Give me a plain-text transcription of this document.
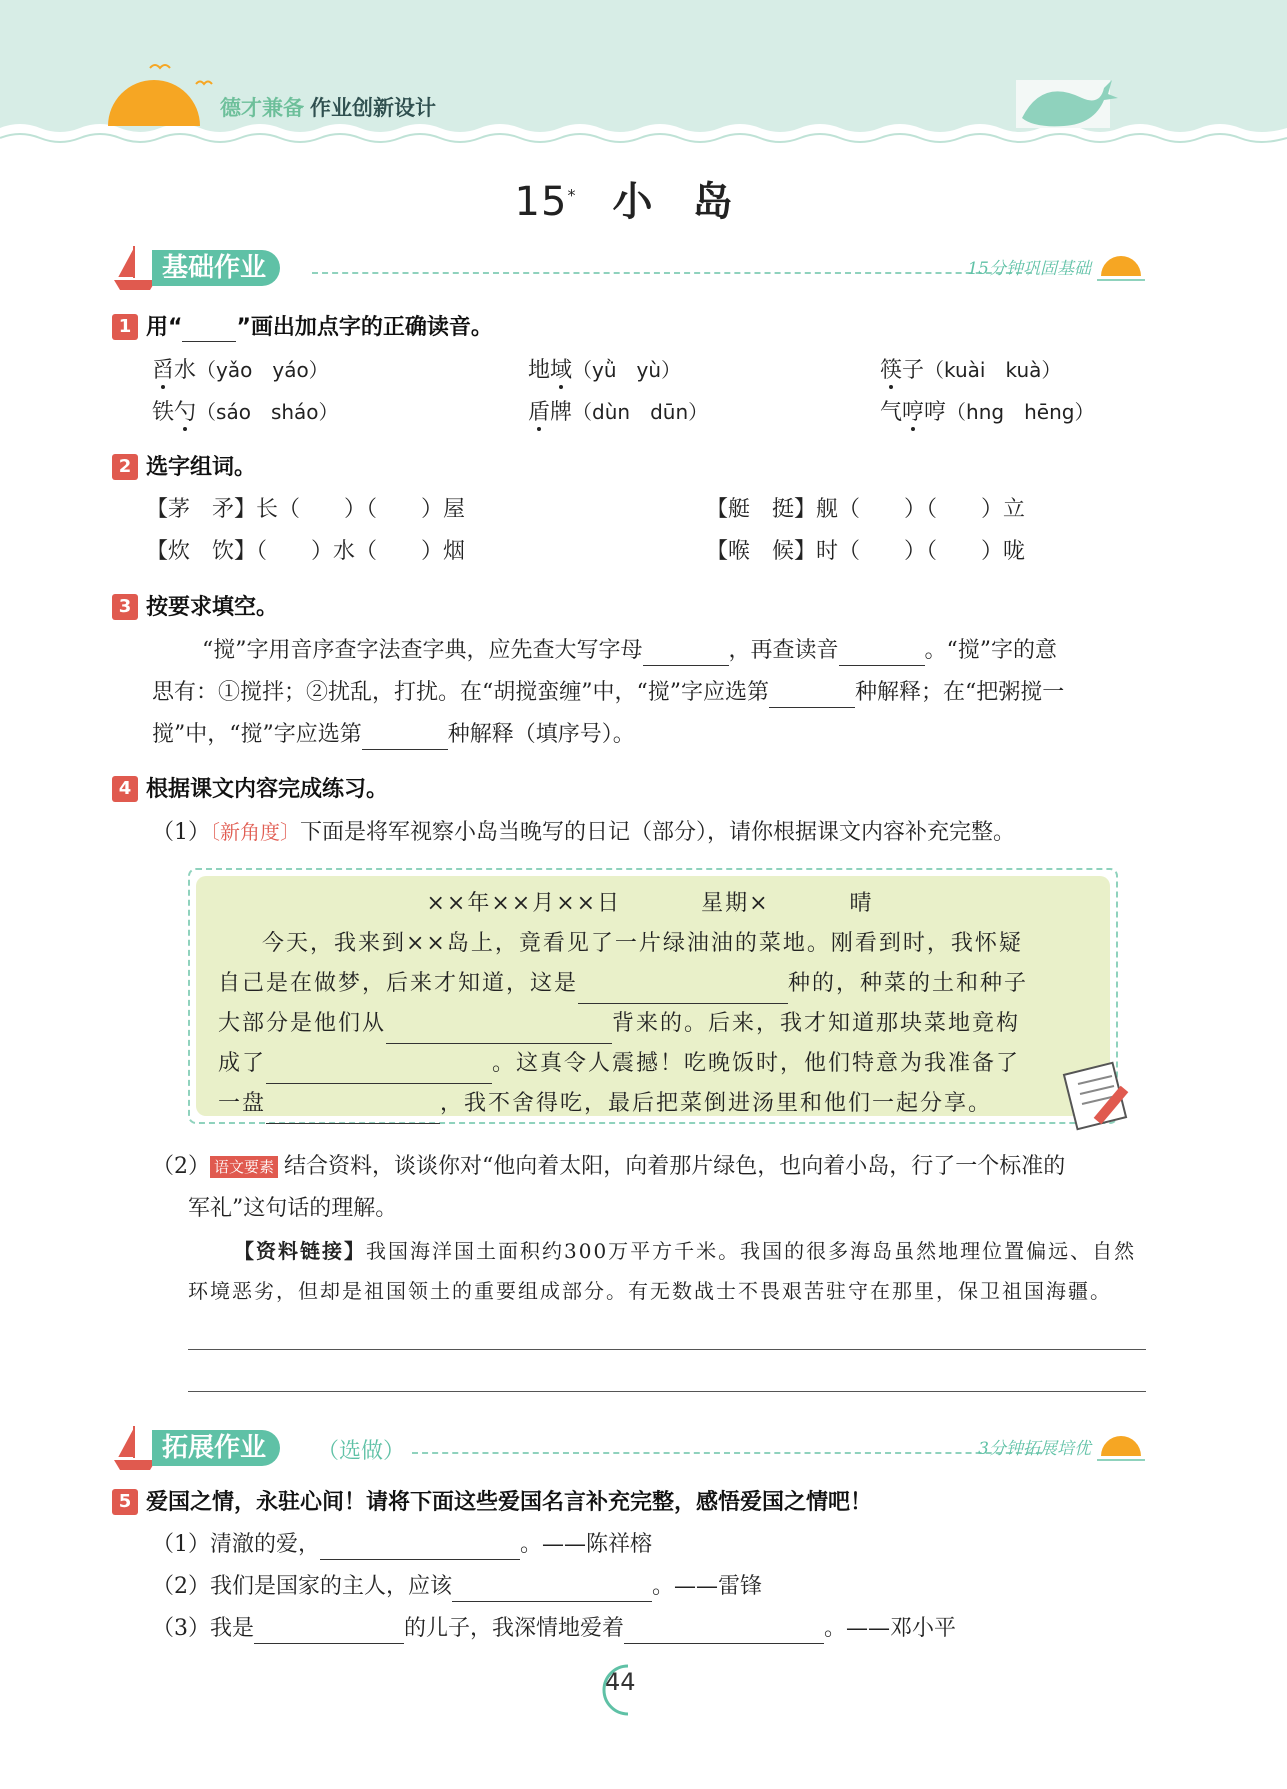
德才兼备 作业创新设计
15* 小岛
基础作业	15分钟巩固基础
1 用“ ”画出加点字的正确读音。
舀水（yǎo　yáo）	地域（yǜ　yù）	筷子（kuài　kuà）
铁勺（sáo　sháo）	盾牌（dùn　dūn）	气哼哼（hng　hēng）
2 选字组词。
【茅　矛】长（　　）（　　）屋	【艇　挺】舰（　　）（　　）立
【炊　饮】（　　）水（　　）烟	【喉　候】时（　　）（　　）咙
3 按要求填空。
“搅”字用音序查字法查字典，应先查大写字母	，再查读音	。“搅”字的意
思有：①搅拌；②扰乱，打扰。在“胡搅蛮缠”中，“搅”字应选第	种解释；在“把粥搅一
搅”中，“搅”字应选第	种解释（填序号）。
4 根据课文内容完成练习。
（1）〔新角度〕下面是将军视察小岛当晚写的日记（部分），请你根据课文内容补充完整。
××年××月××日	星期×	晴
今天，我来到××岛上，竟看见了一片绿油油的菜地。刚看到时，我怀疑
自己是在做梦，后来才知道，这是	种的，种菜的土和种子
大部分是他们从	背来的。后来，我才知道那块菜地竟构
成了	。这真令人震撼！吃晚饭时，他们特意为我准备了
一盘	，我不舍得吃，最后把菜倒进汤里和他们一起分享。
（2） 语文要素 结合资料，谈谈你对“他向着太阳，向着那片绿色，也向着小岛，行了一个标准的
军礼”这句话的理解。
【资料链接】我国海洋国土面积约300万平方千米。我国的很多海岛虽然地理位置偏远、自然
环境恶劣，但却是祖国领土的重要组成部分。有无数战士不畏艰苦驻守在那里，保卫祖国海疆。
拓展作业	（选做）	3分钟拓展培优
5 爱国之情，永驻心间！请将下面这些爱国名言补充完整，感悟爱国之情吧！
（1）清澈的爱，	。——陈祥榕
（2）我们是国家的主人，应该	。——雷锋
（3）我是	的儿子，我深情地爱着	。——邓小平
44
